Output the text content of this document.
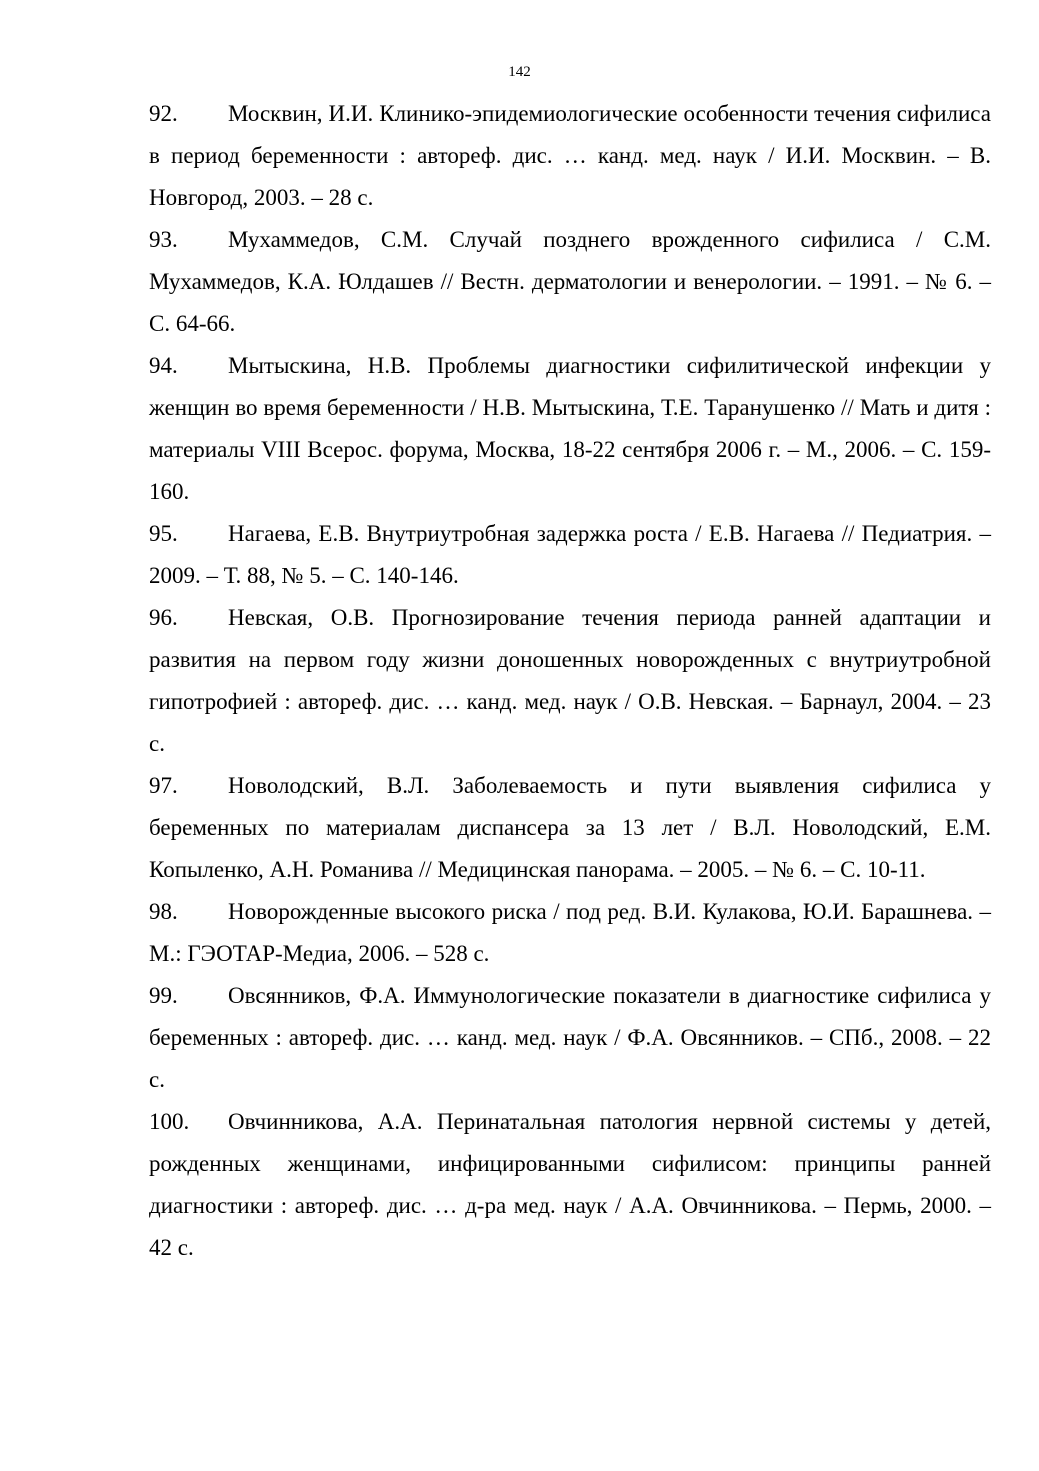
142
92. Москвин, И.И. Клинико-эпидемиологические особенности течения сифилиса в период беременности : автореф. дис. … канд. мед. наук / И.И. Москвин. – В. Новгород, 2003. – 28 с.
93. Мухаммедов, С.М. Случай позднего врожденного сифилиса / С.М. Мухаммедов, К.А. Юлдашев // Вестн. дерматологии и венерологии. – 1991. – № 6. – С. 64-66.
94. Мытыскина, Н.В. Проблемы диагностики сифилитической инфекции у женщин во время беременности / Н.В. Мытыскина, Т.Е. Таранушенко // Мать и дитя : материалы VIII Всерос. форума, Москва, 18-22 сентября 2006 г. – М., 2006. – С. 159-160.
95. Нагаева, Е.В. Внутриутробная задержка роста / Е.В. Нагаева // Педиатрия. – 2009. – Т. 88, № 5. – С. 140-146.
96. Невская, О.В. Прогнозирование течения периода ранней адаптации и развития на первом году жизни доношенных новорожденных с внутриутробной гипотрофией : автореф. дис. … канд. мед. наук / О.В. Невская. – Барнаул, 2004. – 23 с.
97. Новолодский, В.Л. Заболеваемость и пути выявления сифилиса у беременных по материалам диспансера за 13 лет / В.Л. Новолодский, Е.М. Копыленко, А.Н. Романива // Медицинская панорама. – 2005. – № 6. – С. 10-11.
98. Новорожденные высокого риска / под ред. В.И. Кулакова, Ю.И. Барашнева. – М.: ГЭОТАР-Медиа, 2006. – 528 с.
99. Овсянников, Ф.А. Иммунологические показатели в диагностике сифилиса у беременных : автореф. дис. … канд. мед. наук / Ф.А. Овсянников. – СПб., 2008. – 22 с.
100. Овчинникова, А.А. Перинатальная патология нервной системы у детей, рожденных женщинами, инфицированными сифилисом: принципы ранней диагностики : автореф. дис. … д-ра мед. наук / А.А. Овчинникова. – Пермь, 2000. – 42 с.
